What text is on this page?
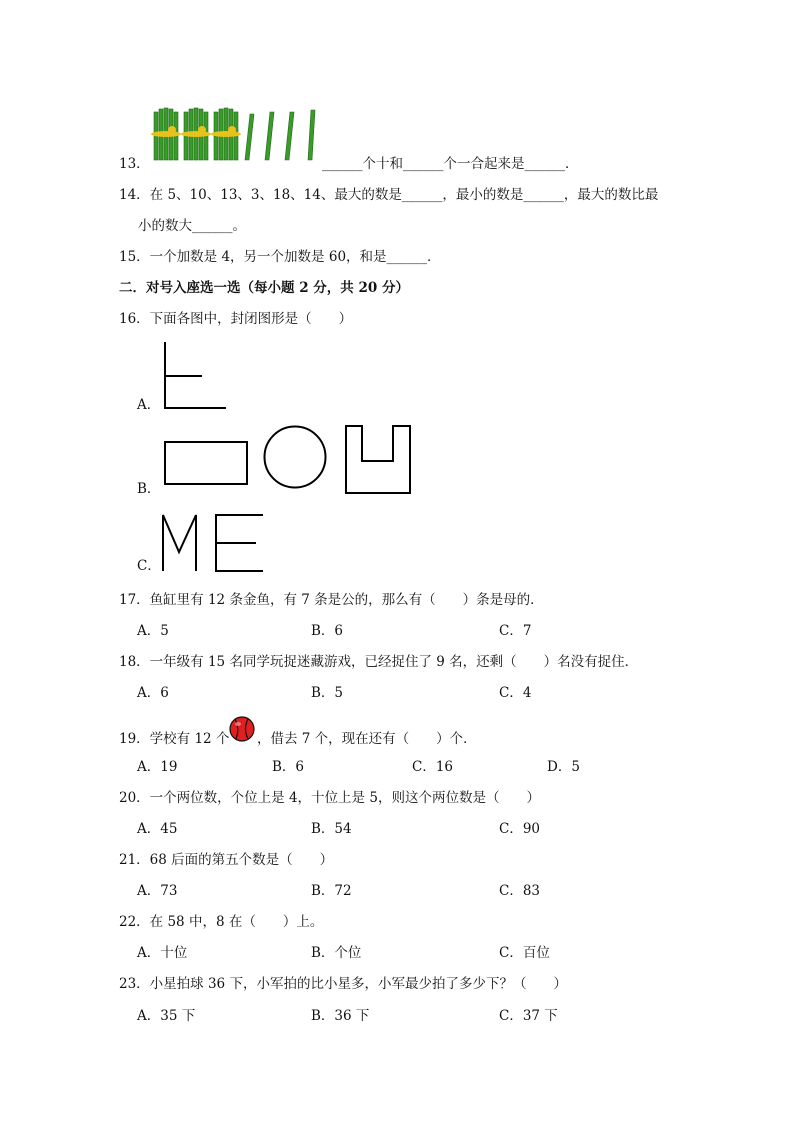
13．	______个十和______个一合起来是______．
14．在 5、10、13、3、18、14、最大的数是______，最小的数是______，最大的数比最
小的数大______。
15．一个加数是 4，另一个加数是 60，和是______．
二．对号入座选一选（每小题 2 分，共 20 分）
16．下面各图中，封闭图形是（　　）
A．
B．
C．
17．鱼缸里有 12 条金鱼，有 7 条是公的，那么有（　　）条是母的．
A．5	B．6	C．7
18．一年级有 15 名同学玩捉迷藏游戏，已经捉住了 9 名，还剩（　　）名没有捉住．
A．6	B．5	C．4
19．学校有 12 个 ，借去 7 个，现在还有（　　）个．
A．19	B．6	C．16	D．5
20．一个两位数，个位上是 4，十位上是 5，则这个两位数是（　　）
A．45	B．54	C．90
21．68 后面的第五个数是（　　）
A．73	B．72	C．83
22．在 58 中，8 在（　　）上。
A．十位	B．个位	C．百位
23．小星拍球 36 下，小军拍的比小星多，小军最少拍了多少下？（　　）
A．35 下	B．36 下	C．37 下
